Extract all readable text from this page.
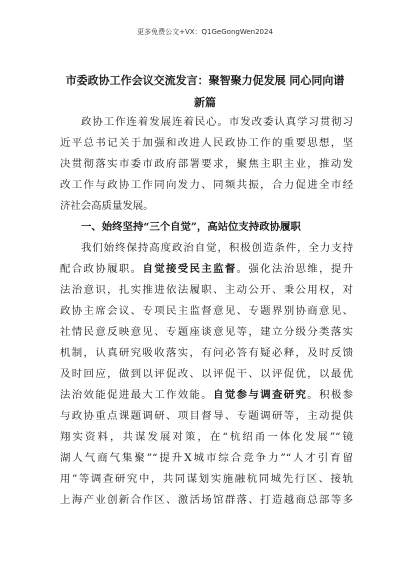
更多免费公文+VX：Q1GeGongWen2024
市委政协工作会议交流发言：聚智聚力促发展 同心同向谱
新篇
政协工作连着发展连着民心。市发改委认真学习贯彻习
近平总书记关于加强和改进人民政协工作的重要思想，坚
决贯彻落实市委市政府部署要求，聚焦主职主业，推动发
改工作与政协工作同向发力、同频共振，合力促进全市经
济社会高质量发展。
一、始终坚持“三个自觉”，高站位支持政协履职
我们始终保持高度政治自觉，积极创造条件，全力支持
配合政协履职。自觉接受民主监督。强化法治思维，提升
法治意识，扎实推进依法履职、主动公开、秉公用权，对
政协主席会议、专项民主监督意见、专题界别协商意见、
社情民意反映意见、专题座谈意见等，建立分级分类落实
机制，认真研究吸收落实，有问必答有疑必释，及时反馈
及时回应，做到以评促改、以评促干、以评促优，以最优
法治效能促进最大工作效能。自觉参与调查研究。积极参
与政协重点课题调研、项目督导、专题调研等，主动提供
翔实资料，共谋发展对策，在“杭绍甬一体化发展”“镜
湖人气商气集聚”“提升X城市综合竞争力”“人才引育留
用”等调查研究中，共同谋划实施融杭同城先行区、接轨
上海产业创新合作区、激活场馆群落、打造越商总部等多
